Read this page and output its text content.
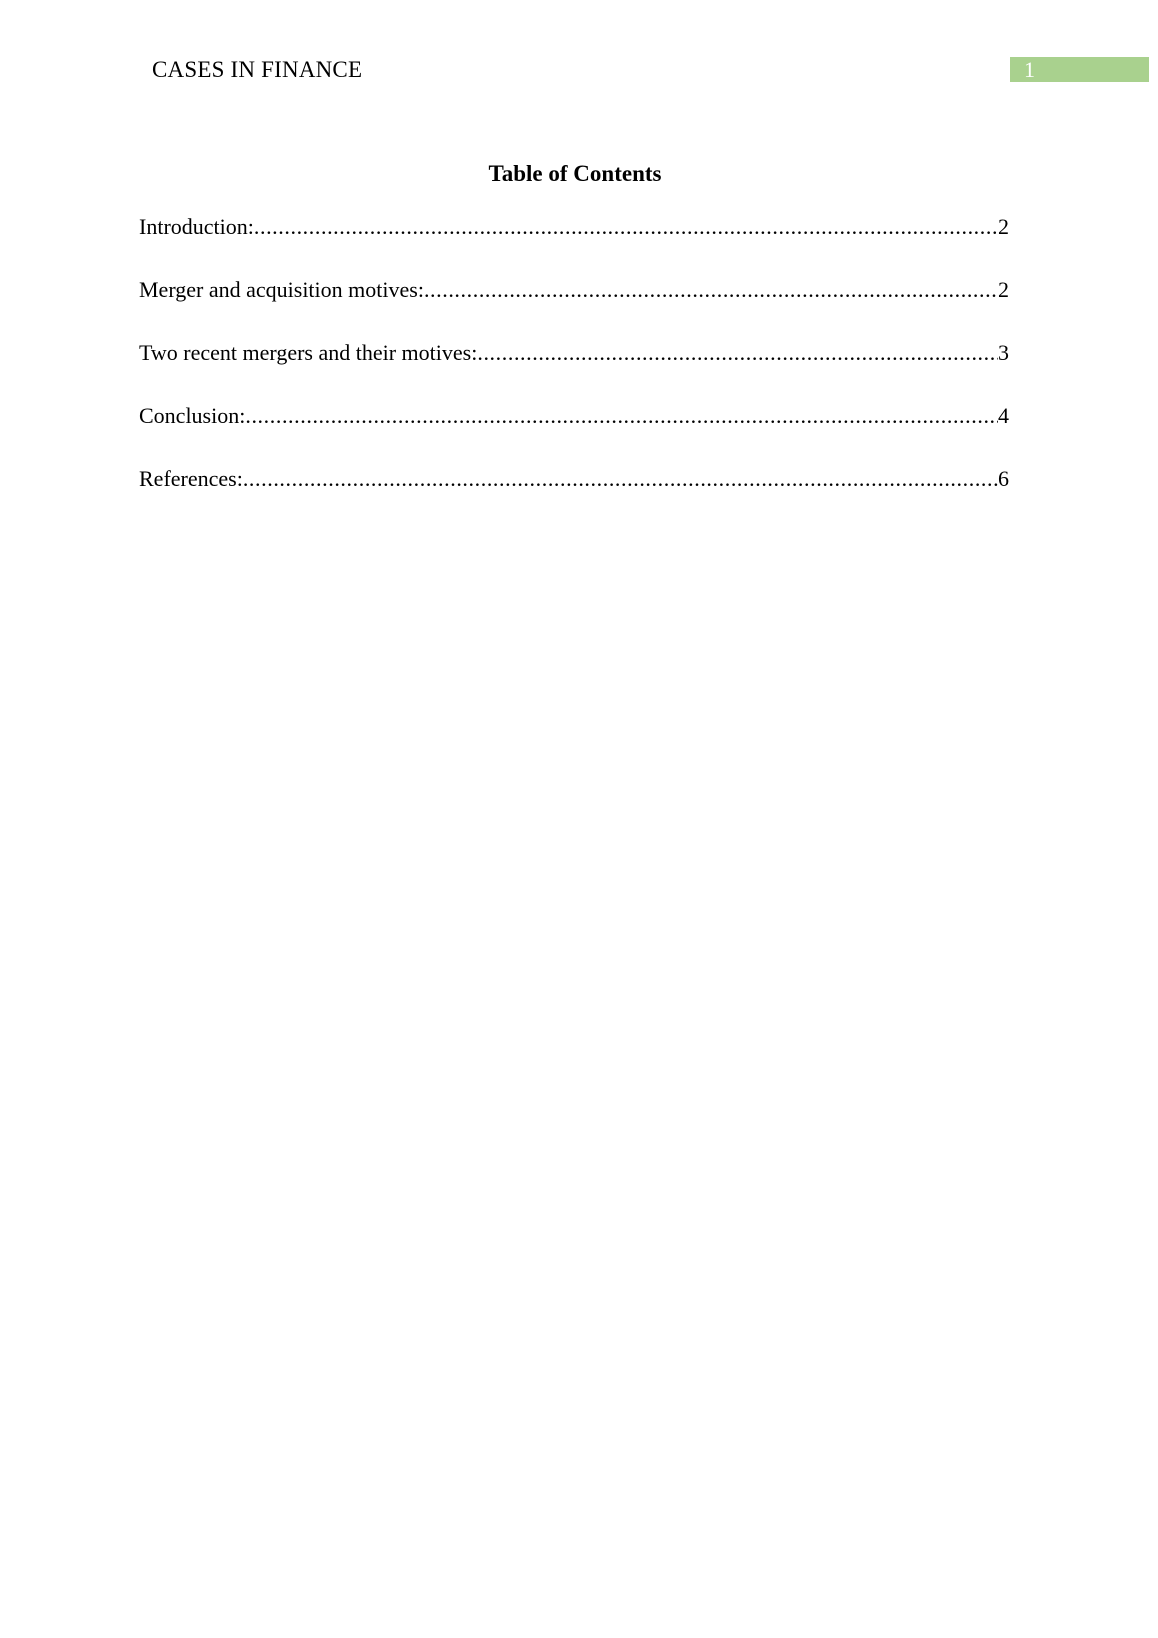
CASES IN FINANCE	1
Table of Contents
Introduction: .....	2
Merger and acquisition motives: .....	2
Two recent mergers and their motives: .....	3
Conclusion: .....	4
References: .....	6
